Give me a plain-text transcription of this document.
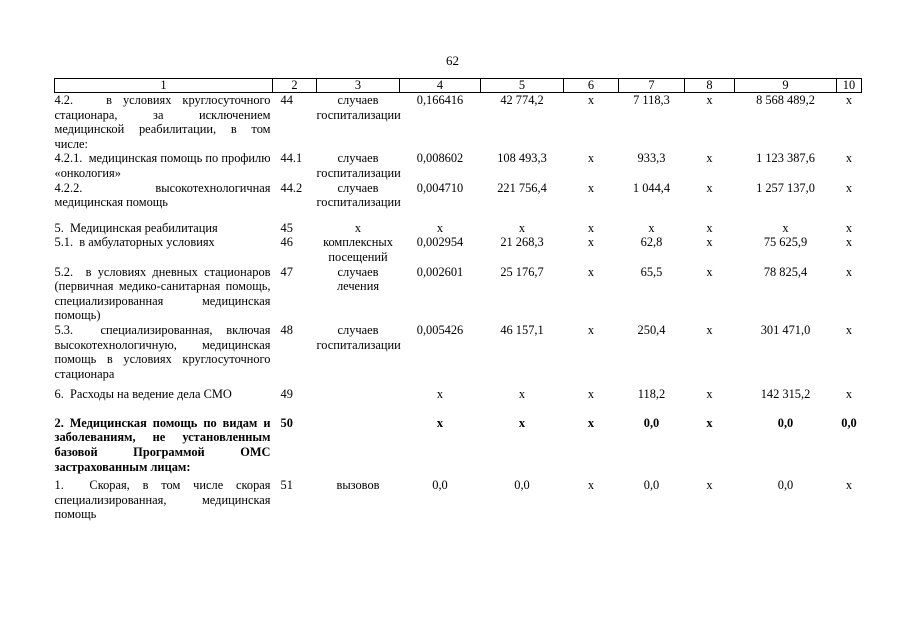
62
1	2	3	4	5	6	7	8	9	10
4.2.   в условиях круглосуточного стационара, за исключением медицинской реабилитации, в том числе:	44	случаев госпитализации	0,166416	42 774,2	х	7 118,3	х	8 568 489,2	х
4.2.1.  медицинская помощь по профилю «онкология»	44.1	случаев госпитализации	0,008602	108 493,3	х	933,3	х	1 123 387,6	х
4.2.2.  высокотехнологичная медицинская помощь	44.2	случаев госпитализации	0,004710	221 756,4	х	1 044,4	х	1 257 137,0	х

5.  Медицинская реабилитация	45	х	х	х	х	х	х	х	х
5.1.  в амбулаторных условиях	46	комплексных посещений	0,002954	21 268,3	х	62,8	х	75 625,9	х
5.2.  в условиях дневных стационаров (первичная медико-санитарная помощь, специализированная медицинская помощь)	47	случаев лечения	0,002601	25 176,7	х	65,5	х	78 825,4	х
5.3.  специализированная, включая высокотехнологичную, медицинская помощь в условиях круглосуточного стационара	48	случаев госпитализации	0,005426	46 157,1	х	250,4	х	301 471,0	х

6.  Расходы на ведение дела СМО	49		х	х	х	118,2	х	142 315,2	х

2. Медицинская помощь по видам и заболеваниям, не установленным базовой Программой ОМС застрахованным лицам:	50		х	х	х	0,0	х	0,0	0,0

1.  Скорая, в том числе скорая специализированная, медицинская помощь	51	вызовов	0,0	0,0	х	0,0	х	0,0	х
